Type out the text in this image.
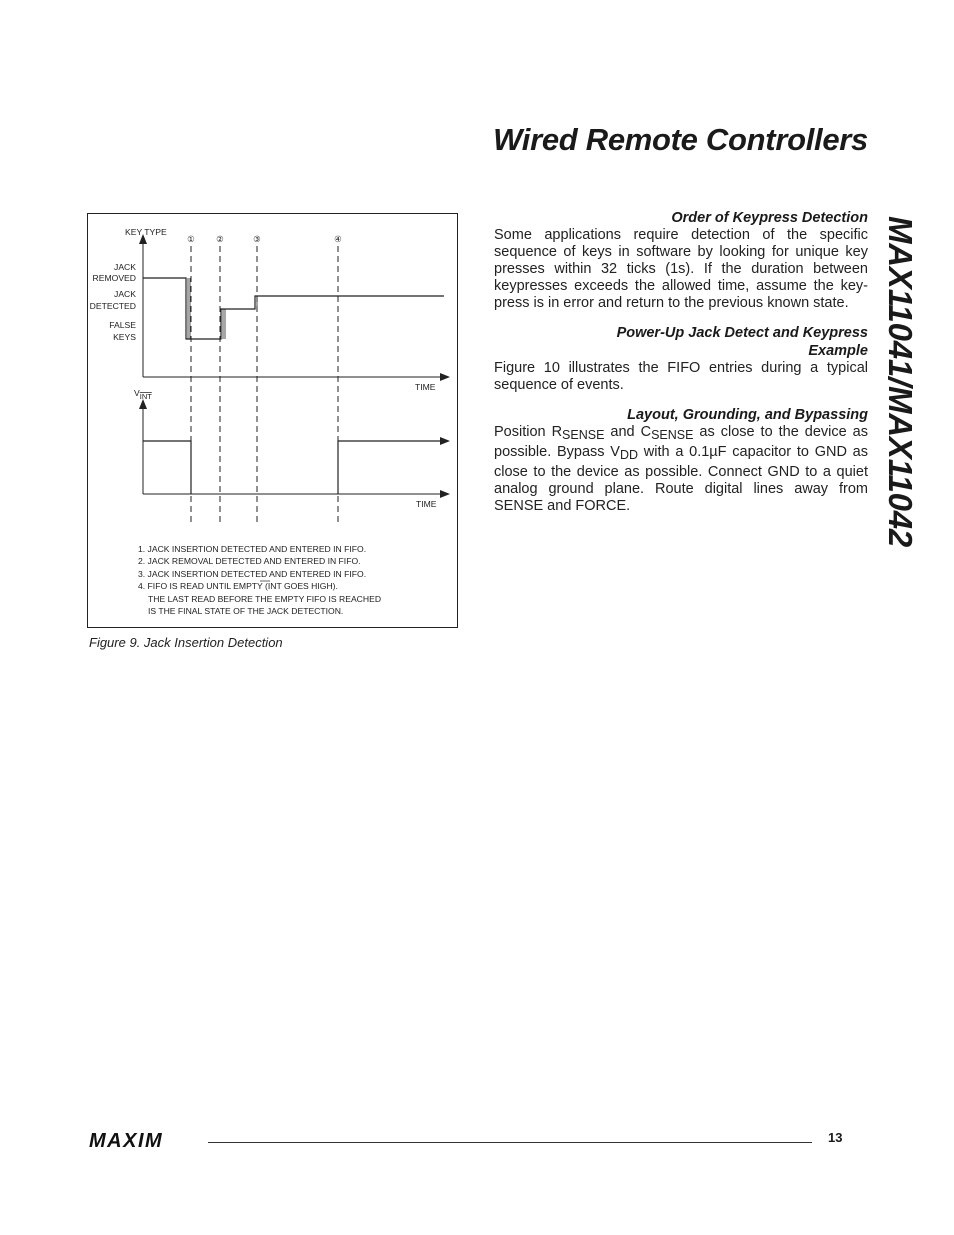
Wired Remote Controllers
MAX11041/MAX11042
KEY TYPE
① ②	③	④
JACK
REMOVED
JACK
DETECTED
FALSE
KEYS
TIME
TIME
VINT
1. JACK INSERTION DETECTED AND ENTERED IN FIFO.
2. JACK REMOVAL DETECTED AND ENTERED IN FIFO.
3. JACK INSERTION DETECTED AND ENTERED IN FIFO.
4. FIFO IS READ UNTIL EMPTY (INT GOES HIGH).
THE LAST READ BEFORE THE EMPTY FIFO IS REACHED
IS THE FINAL STATE OF THE JACK DETECTION.
Figure 9. Jack Insertion Detection
Order of Keypress Detection

Some applications require detection of the specific sequence of keys in software by looking for unique key presses within 32 ticks (1s). If the duration between keypresses exceeds the allowed time, assume the key-press is in error and return to the previous known state.

Power-Up Jack Detect and Keypress
Example

Figure 10 illustrates the FIFO entries during a typical sequence of events.

Layout, Grounding, and Bypassing

Position RSENSE and CSENSE as close to the device as possible. Bypass VDD with a 0.1µF capacitor to GND as close to the device as possible. Connect GND to a quiet analog ground plane. Route digital lines away from SENSE and FORCE.

MAXIM	13
